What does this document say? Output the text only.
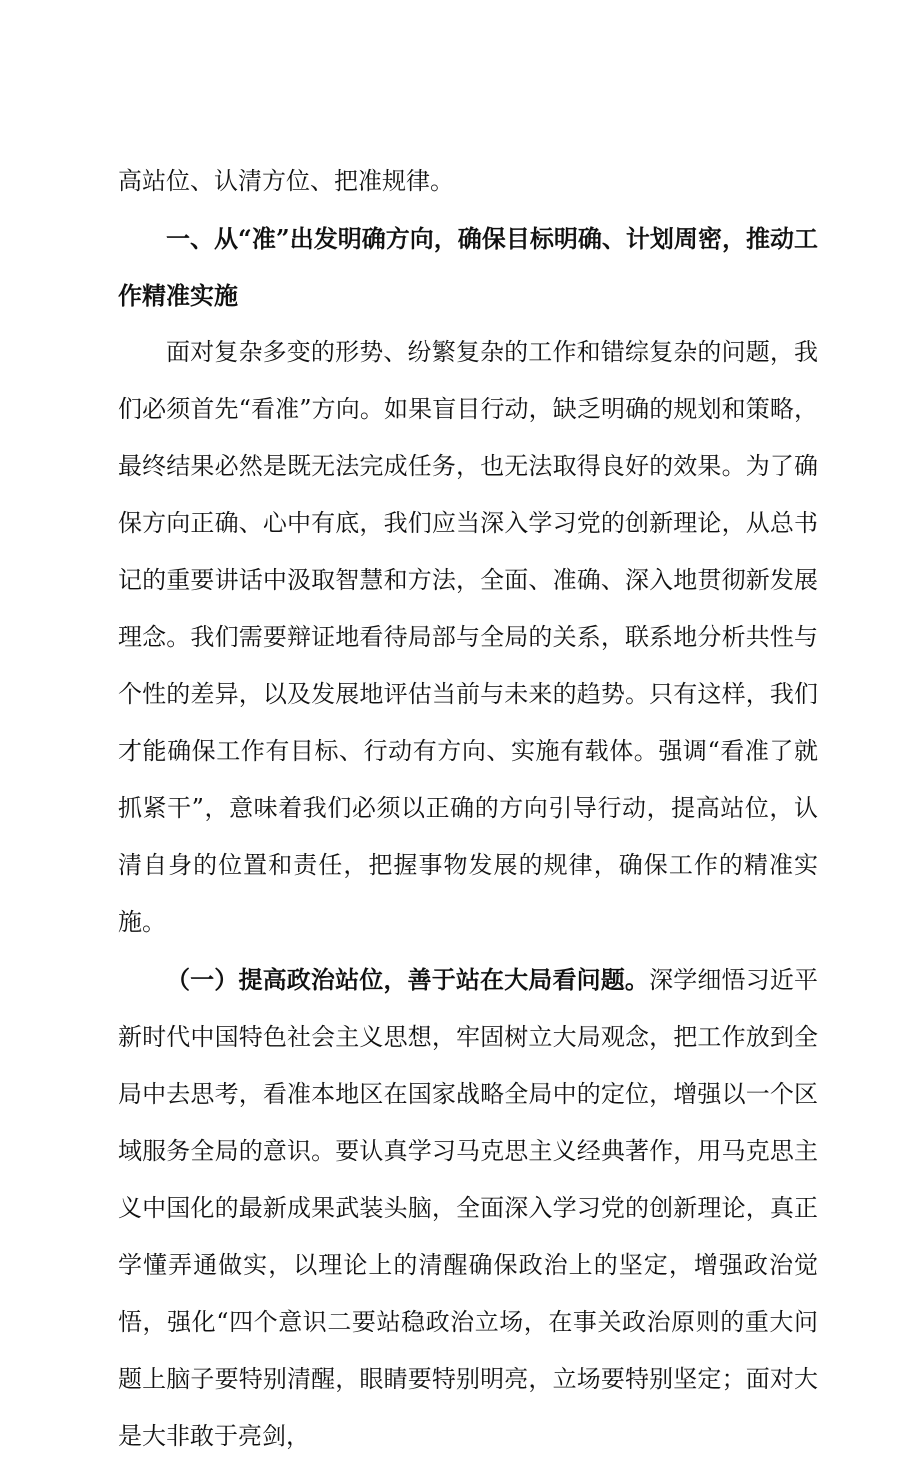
高站位、认清方位、把准规律。

一、从“准”出发明确方向，确保目标明确、计划周密，推动工作精准实施

面对复杂多变的形势、纷繁复杂的工作和错综复杂的问题，我们必须首先“看准”方向。如果盲目行动，缺乏明确的规划和策略，最终结果必然是既无法完成任务，也无法取得良好的效果。为了确保方向正确、心中有底，我们应当深入学习党的创新理论，从总书记的重要讲话中汲取智慧和方法，全面、准确、深入地贯彻新发展理念。我们需要辩证地看待局部与全局的关系，联系地分析共性与个性的差异，以及发展地评估当前与未来的趋势。只有这样，我们才能确保工作有目标、行动有方向、实施有载体。强调“看准了就抓紧干”，意味着我们必须以正确的方向引导行动，提高站位，认清自身的位置和责任，把握事物发展的规律，确保工作的精准实施。

（一）提高政治站位，善于站在大局看问题。深学细悟习近平新时代中国特色社会主义思想，牢固树立大局观念，把工作放到全局中去思考，看准本地区在国家战略全局中的定位，增强以一个区域服务全局的意识。要认真学习马克思主义经典著作，用马克思主义中国化的最新成果武装头脑，全面深入学习党的创新理论，真正学懂弄通做实，以理论上的清醒确保政治上的坚定，增强政治觉悟，强化“四个意识二要站稳政治立场，在事关政治原则的重大问题上脑子要特别清醒，眼睛要特别明亮，立场要特别坚定；面对大是大非敢于亮剑，
